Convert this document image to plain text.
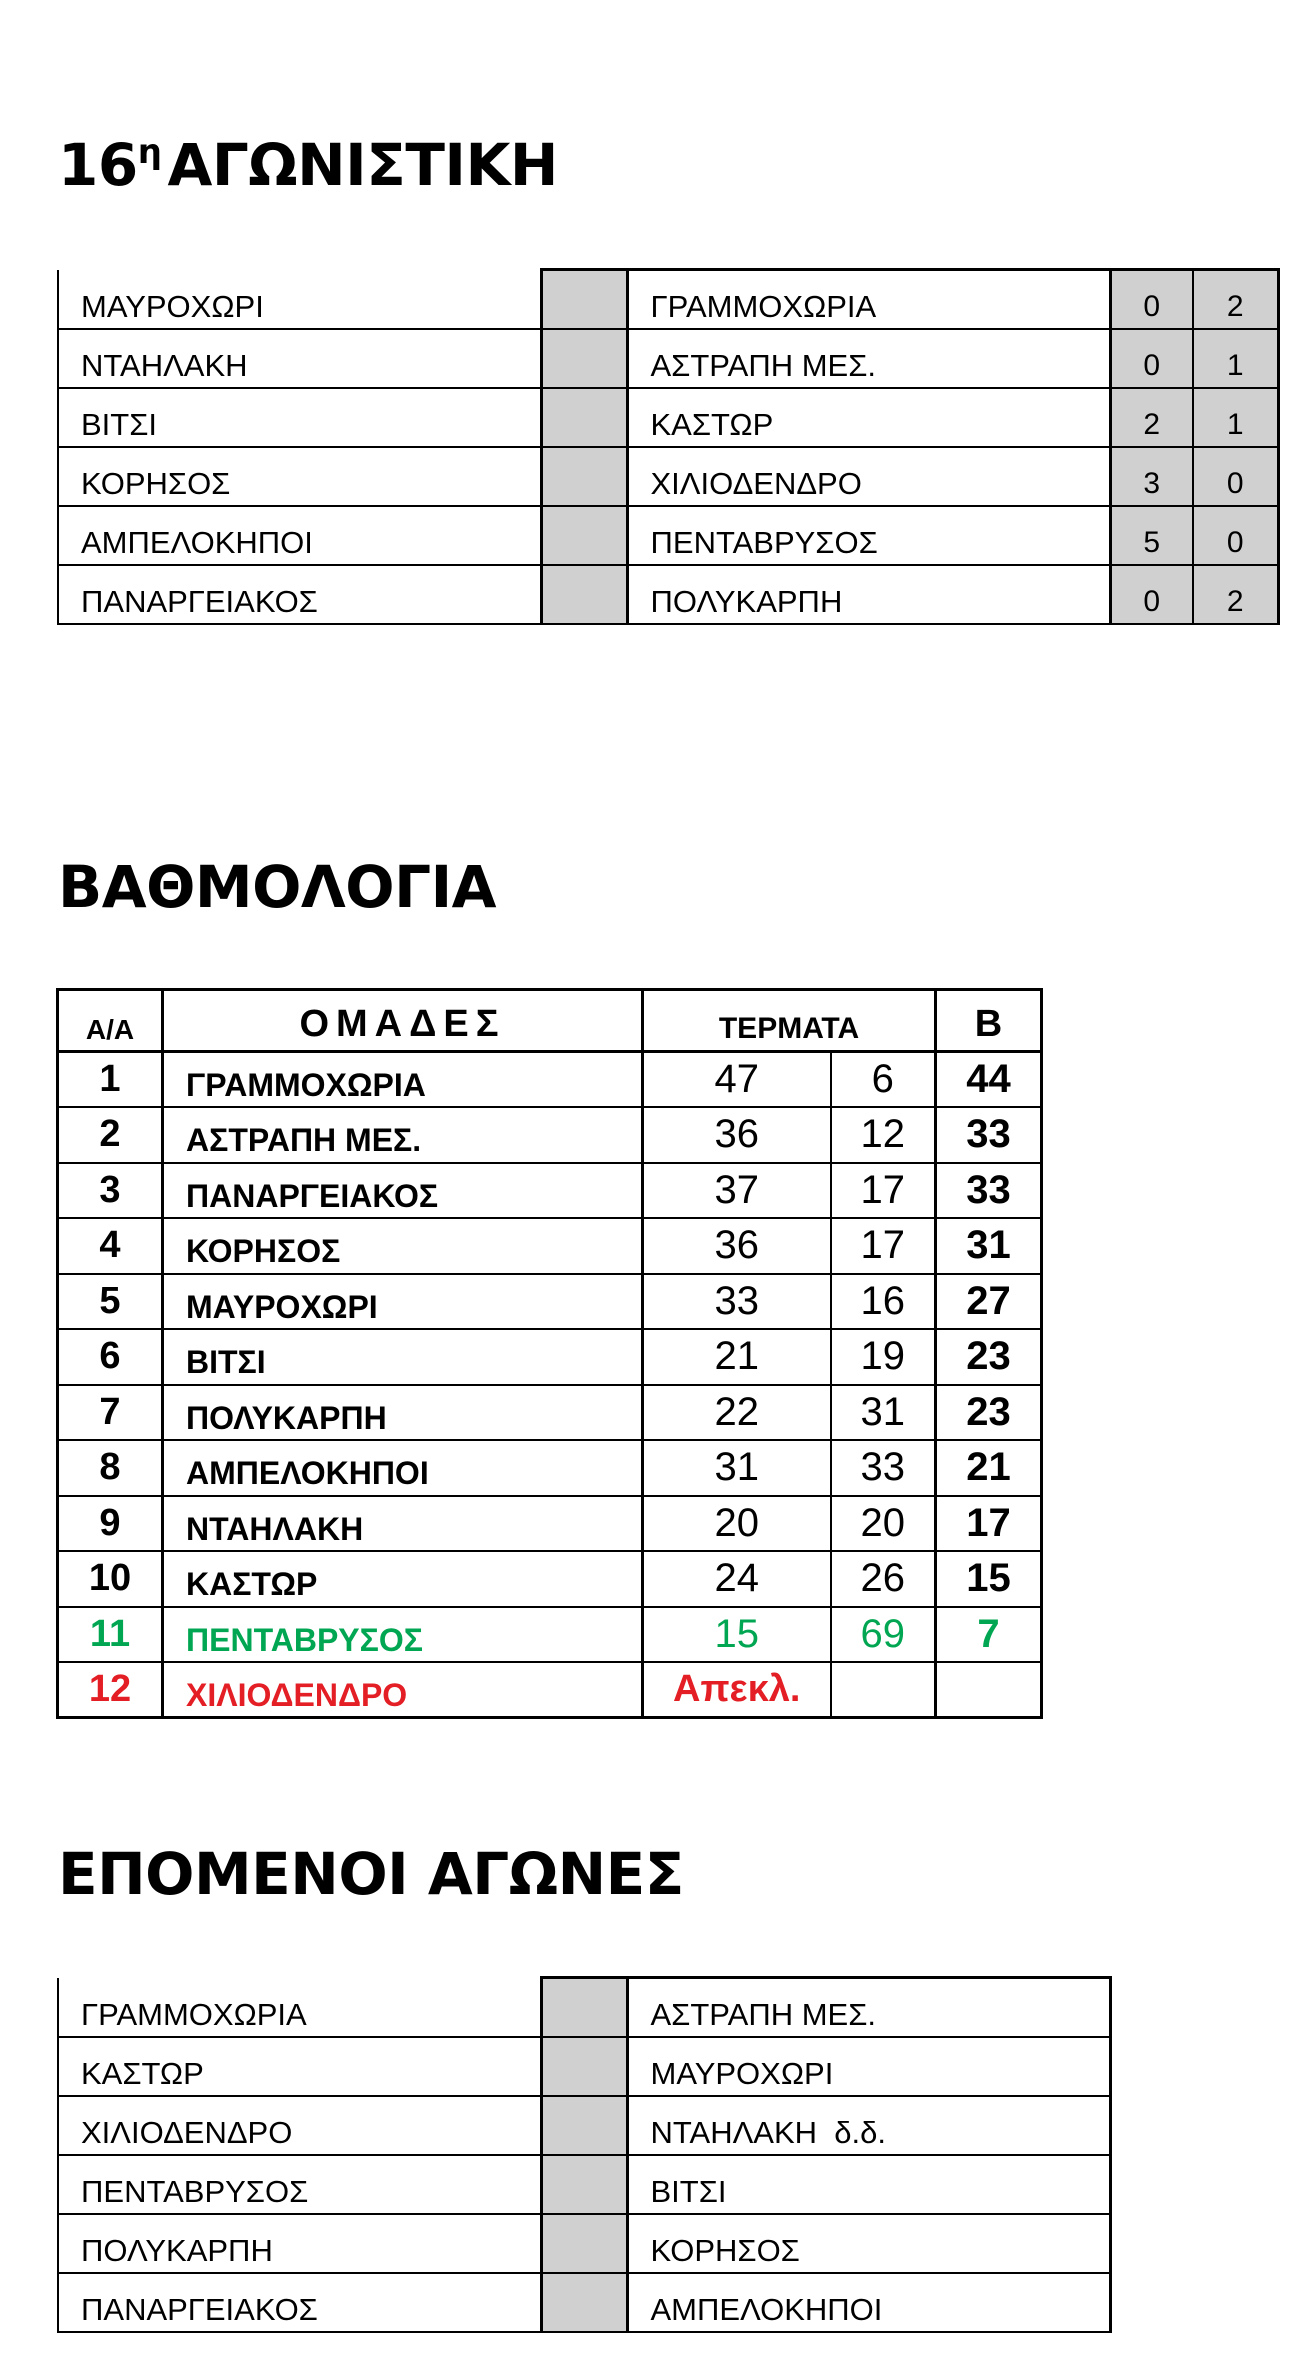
$16^\eta$ ΑΓΩΝΙΣΤΙΚΗ
ΜΑΥΡΟΧΩΡΙ		ΓΡΑΜΜΟΧΩΡΙΑ	0	2
ΝΤΑΗΛΑΚΗ		ΑΣΤΡΑΠΗ ΜΕΣ.	0	1
ΒΙΤΣΙ		ΚΑΣΤΩΡ	2	1
ΚΟΡΗΣΟΣ		ΧΙΛΙΟΔΕΝΔΡΟ	3	0
ΑΜΠΕΛΟΚΗΠΟΙ		ΠΕΝΤΑΒΡΥΣΟΣ	5	0
ΠΑΝΑΡΓΕΙΑΚΟΣ		ΠΟΛΥΚΑΡΠΗ	0	2
ΒΑΘΜΟΛΟΓΙΑ
Α/Α	ΟΜΑΔΕΣ	ΤΕΡΜΑΤΑ		Β
1	ΓΡΑΜΜΟΧΩΡΙΑ	47	6	44
2	ΑΣΤΡΑΠΗ ΜΕΣ.	36	12	33
3	ΠΑΝΑΡΓΕΙΑΚΟΣ	37	17	33
4	ΚΟΡΗΣΟΣ	36	17	31
5	ΜΑΥΡΟΧΩΡΙ	33	16	27
6	ΒΙΤΣΙ	21	19	23
7	ΠΟΛΥΚΑΡΠΗ	22	31	23
8	ΑΜΠΕΛΟΚΗΠΟΙ	31	33	21
9	ΝΤΑΗΛΑΚΗ	20	20	17
10	ΚΑΣΤΩΡ	24	26	15
11	ΠΕΝΤΑΒΡΥΣΟΣ	15	69	7
12	ΧΙΛΙΟΔΕΝΔΡΟ	Απεκλ.		
ΕΠΟΜΕΝΟΙ ΑΓΩΝΕΣ
ΓΡΑΜΜΟΧΩΡΙΑ		ΑΣΤΡΑΠΗ ΜΕΣ.
ΚΑΣΤΩΡ		ΜΑΥΡΟΧΩΡΙ
ΧΙΛΙΟΔΕΝΔΡΟ		ΝΤΑΗΛΑΚΗ  δ.δ.
ΠΕΝΤΑΒΡΥΣΟΣ		ΒΙΤΣΙ
ΠΟΛΥΚΑΡΠΗ		ΚΟΡΗΣΟΣ
ΠΑΝΑΡΓΕΙΑΚΟΣ		ΑΜΠΕΛΟΚΗΠΟΙ
